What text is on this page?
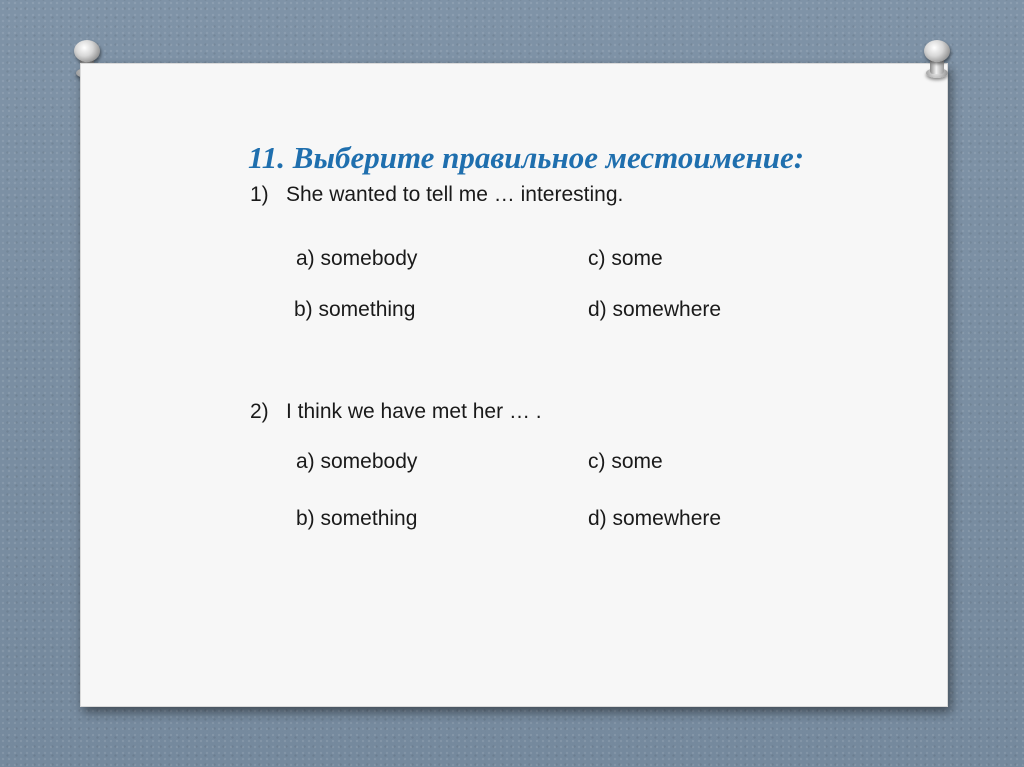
11. Выберите правильное местоимение:
1) She wanted to tell me … interesting.
a) somebody	c) some
b) something	d) somewhere
2) I think we have met her … .
a) somebody	c) some
b) something	d) somewhere
